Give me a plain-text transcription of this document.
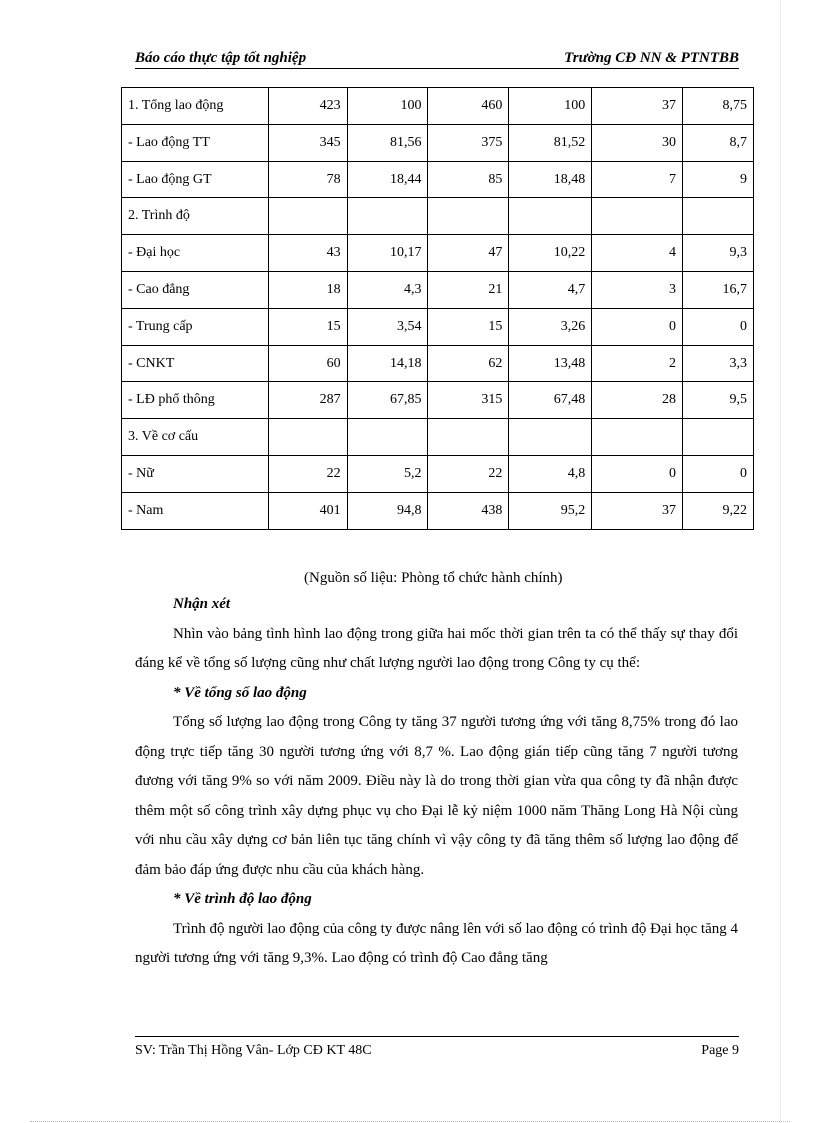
Báo cáo thực tập tốt nghiệp	Trường CĐ NN & PTNTBB
1. Tổng lao động	423	100	460	100	37	8,75
- Lao động TT	345	81,56	375	81,52	30	8,7
- Lao động GT	78	18,44	85	18,48	7	9
2. Trình độ						
- Đại học	43	10,17	47	10,22	4	9,3
- Cao đẳng	18	4,3	21	4,7	3	16,7
- Trung cấp	15	3,54	15	3,26	0	0
- CNKT	60	14,18	62	13,48	2	3,3
- LĐ phổ thông	287	67,85	315	67,48	28	9,5
3. Về cơ cấu						
- Nữ	22	5,2	22	4,8	0	0
- Nam	401	94,8	438	95,2	37	9,22
(Nguồn số liệu: Phòng tổ chức hành chính)
Nhận xét

Nhìn vào bảng tình hình lao động trong giữa hai mốc thời gian trên ta có thể thấy sự thay đổi đáng kể về tổng số lượng cũng như chất lượng người lao động trong Công ty cụ thể:

* Về tổng số lao động

Tổng số lượng lao động trong Công ty tăng 37 người tương ứng với tăng 8,75% trong đó lao động trực tiếp tăng 30 người tương ứng với 8,7 %. Lao động gián tiếp cũng tăng 7 người tương đương với tăng 9% so với năm 2009. Điều này là do trong thời gian vừa qua công ty đã nhận được thêm một số công trình xây dựng phục vụ cho Đại lễ kỷ niệm 1000 năm Thăng Long Hà Nội cùng với nhu cầu xây dựng cơ bản liên tục tăng chính vì vậy công ty đã tăng thêm số lượng lao động để đảm bảo đáp ứng được nhu cầu của khách hàng.

* Về trình độ lao động

Trình độ người lao động của công ty được nâng lên với số lao động có trình độ Đại học tăng 4 người tương ứng với tăng 9,3%. Lao động có trình độ Cao đẳng tăng

SV: Trần Thị Hồng Vân- Lớp CĐ KT 48C	Page 9
